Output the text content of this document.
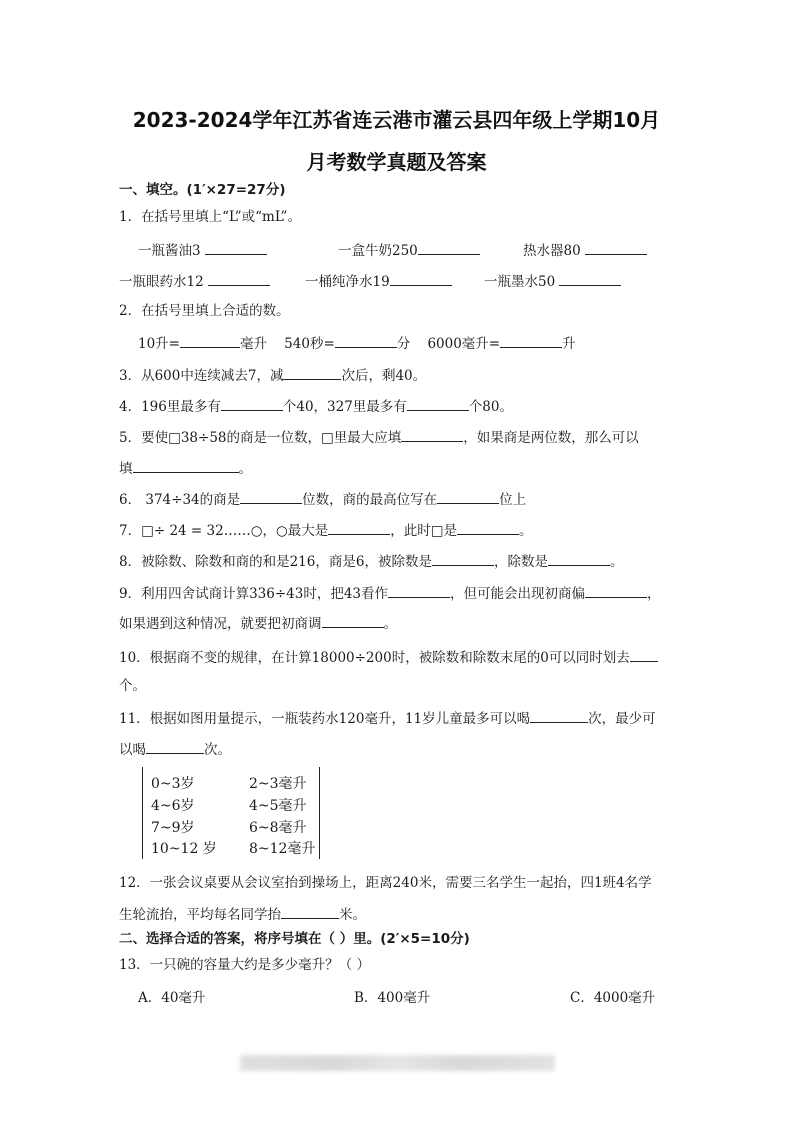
2023-2024学年江苏省连云港市灌云县四年级上学期10月
月考数学真题及答案
一、填空。(1′×27=27分)
1．在括号里填上“L”或“mL”。
一瓶酱油3	一盒牛奶250	热水器80
一瓶眼药水12	一桶纯净水19	一瓶墨水50
2．在括号里填上合适的数。
10升=	毫升 540秒=	分 6000毫升=	升
3．从600中连续减去7，减	次后，剩40。
4．196里最多有	个40，327里最多有	个80。
5．要使□38÷58的商是一位数，□里最大应填	，如果商是两位数，那么可以
填	。
6． 374÷34的商是	位数，商的最高位写在	位上
7．□÷ 24 = 32……○，○最大是	，此时□是	。
8．被除数、除数和商的和是216，商是6，被除数是	，除数是	。
9．利用四舍试商计算336÷43时，把43看作	，但可能会出现初商偏	，
如果遇到这种情况，就要把初商调	。
10．根据商不变的规律，在计算18000÷200时，被除数和除数末尾的0可以同时划去
个。
11．根据如图用量提示，一瓶装药水120毫升，11岁儿童最多可以喝	次，最少可
以喝	次。
0~3岁	2~3毫升
4~6岁	4~5毫升
7~9岁	6~8毫升
10~12 岁 8~12毫升
12．一张会议桌要从会议室抬到操场上，距离240米，需要三名学生一起抬，四1班4名学
生轮流抬，平均每名同学抬	米。
二、选择合适的答案，将序号填在（ ）里。(2′×5=10分)
13．一只碗的容量大约是多少毫升？（ ）
A．40毫升	B．400毫升	C．4000毫升
